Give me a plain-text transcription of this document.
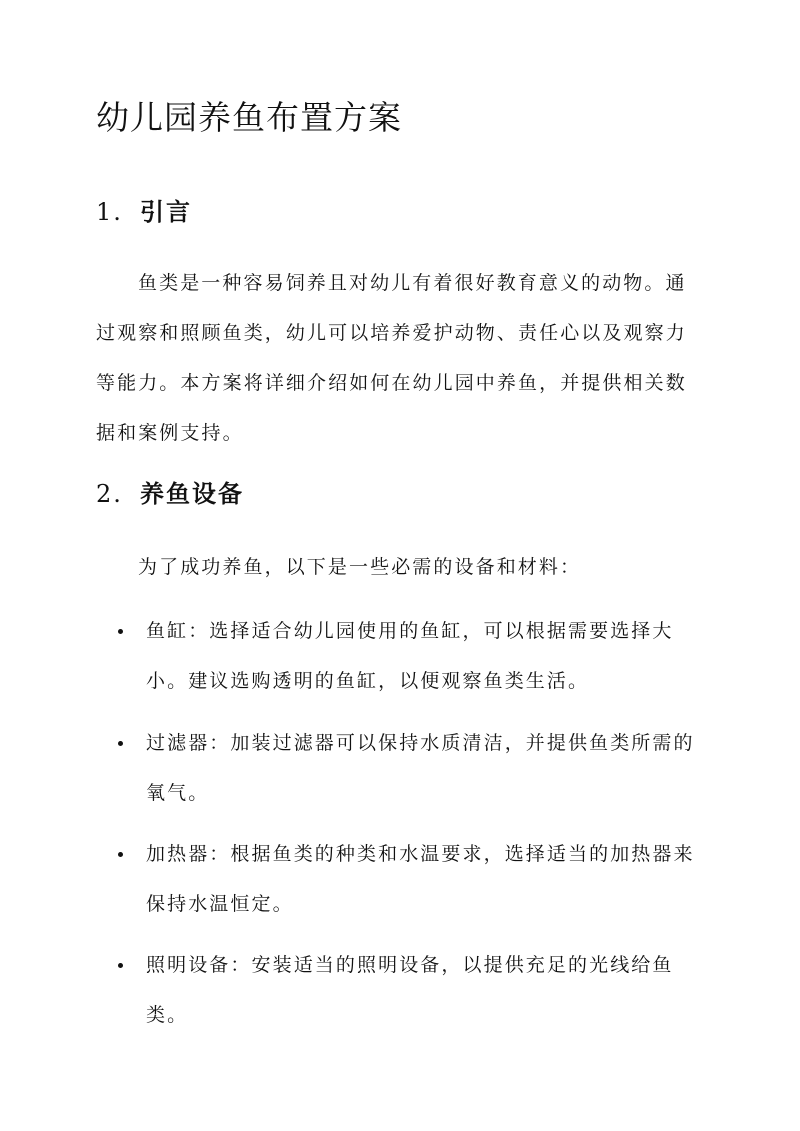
幼儿园养鱼布置方案
1. 引言

鱼类是一种容易饲养且对幼儿有着很好教育意义的动物。通过观察和照顾鱼类，幼儿可以培养爱护动物、责任心以及观察力等能力。本方案将详细介绍如何在幼儿园中养鱼，并提供相关数据和案例支持。

2. 养鱼设备

为了成功养鱼，以下是一些必需的设备和材料：

鱼缸：选择适合幼儿园使用的鱼缸，可以根据需要选择大小。建议选购透明的鱼缸，以便观察鱼类生活。
过滤器：加装过滤器可以保持水质清洁，并提供鱼类所需的氧气。
加热器：根据鱼类的种类和水温要求，选择适当的加热器来保持水温恒定。
照明设备：安装适当的照明设备，以提供充足的光线给鱼类。
